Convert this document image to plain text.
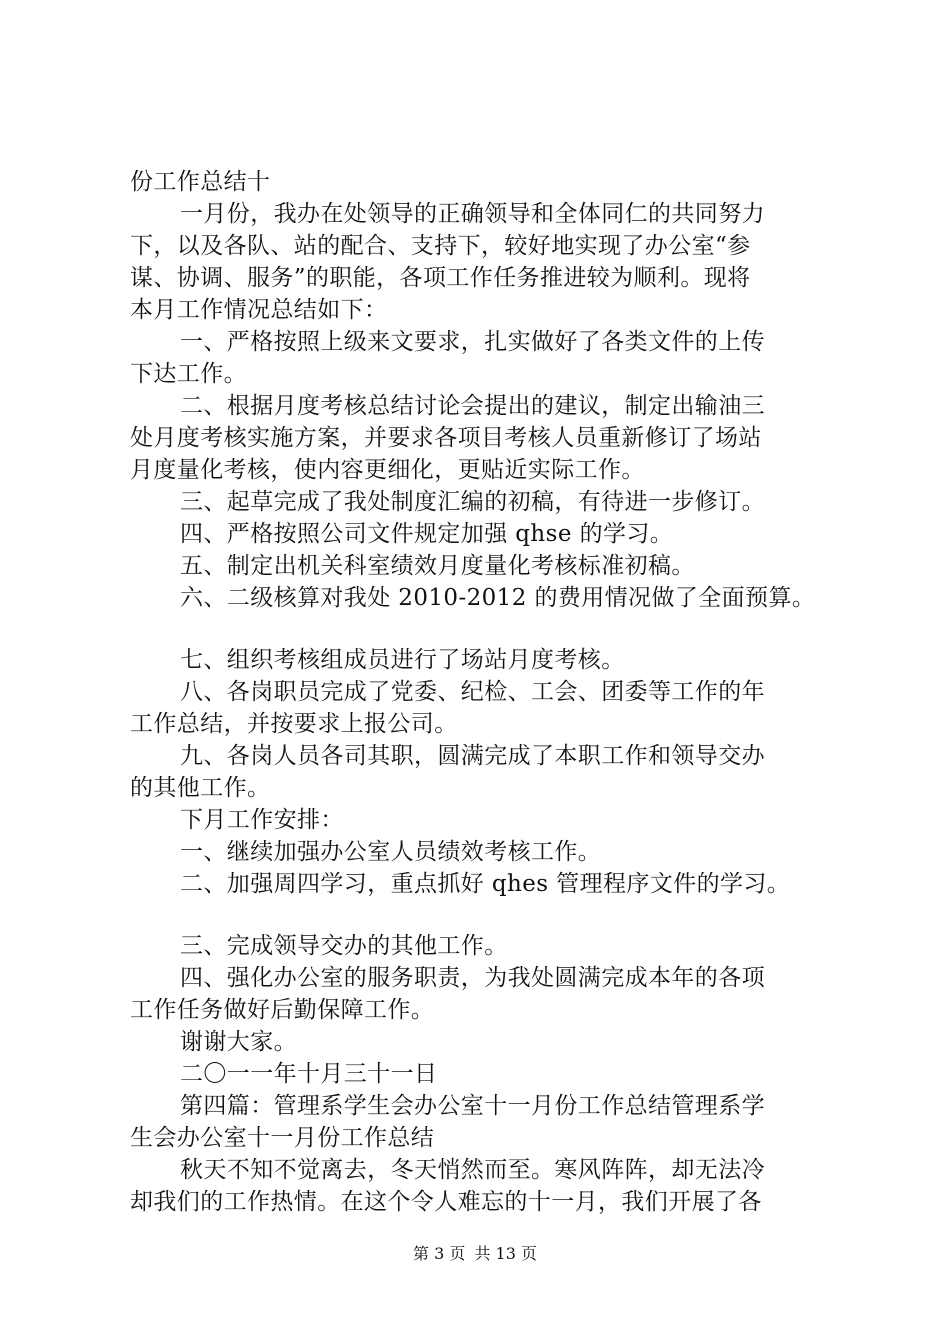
份工作总结十
一月份，我办在处领导的正确领导和全体同仁的共同努力
下，以及各队、站的配合、支持下，较好地实现了办公室“参
谋、协调、服务”的职能，各项工作任务推进较为顺利。现将
本月工作情况总结如下：
一、严格按照上级来文要求，扎实做好了各类文件的上传
下达工作。
二、根据月度考核总结讨论会提出的建议，制定出输油三
处月度考核实施方案，并要求各项目考核人员重新修订了场站
月度量化考核，使内容更细化，更贴近实际工作。
三、起草完成了我处制度汇编的初稿，有待进一步修订。
四、严格按照公司文件规定加强 qhse 的学习。
五、制定出机关科室绩效月度量化考核标准初稿。
六、二级核算对我处 2010-2012 的费用情况做了全面预算。
七、组织考核组成员进行了场站月度考核。
八、各岗职员完成了党委、纪检、工会、团委等工作的年
工作总结，并按要求上报公司。
九、各岗人员各司其职，圆满完成了本职工作和领导交办
的其他工作。
下月工作安排：
一、继续加强办公室人员绩效考核工作。
二、加强周四学习，重点抓好 qhes 管理程序文件的学习。
三、完成领导交办的其他工作。
四、强化办公室的服务职责，为我处圆满完成本年的各项
工作任务做好后勤保障工作。
谢谢大家。
二〇一一年十月三十一日
第四篇：管理系学生会办公室十一月份工作总结管理系学
生会办公室十一月份工作总结
秋天不知不觉离去，冬天悄然而至。寒风阵阵，却无法冷
却我们的工作热情。在这个令人难忘的十一月，我们开展了各
第 3 页 共 13 页
